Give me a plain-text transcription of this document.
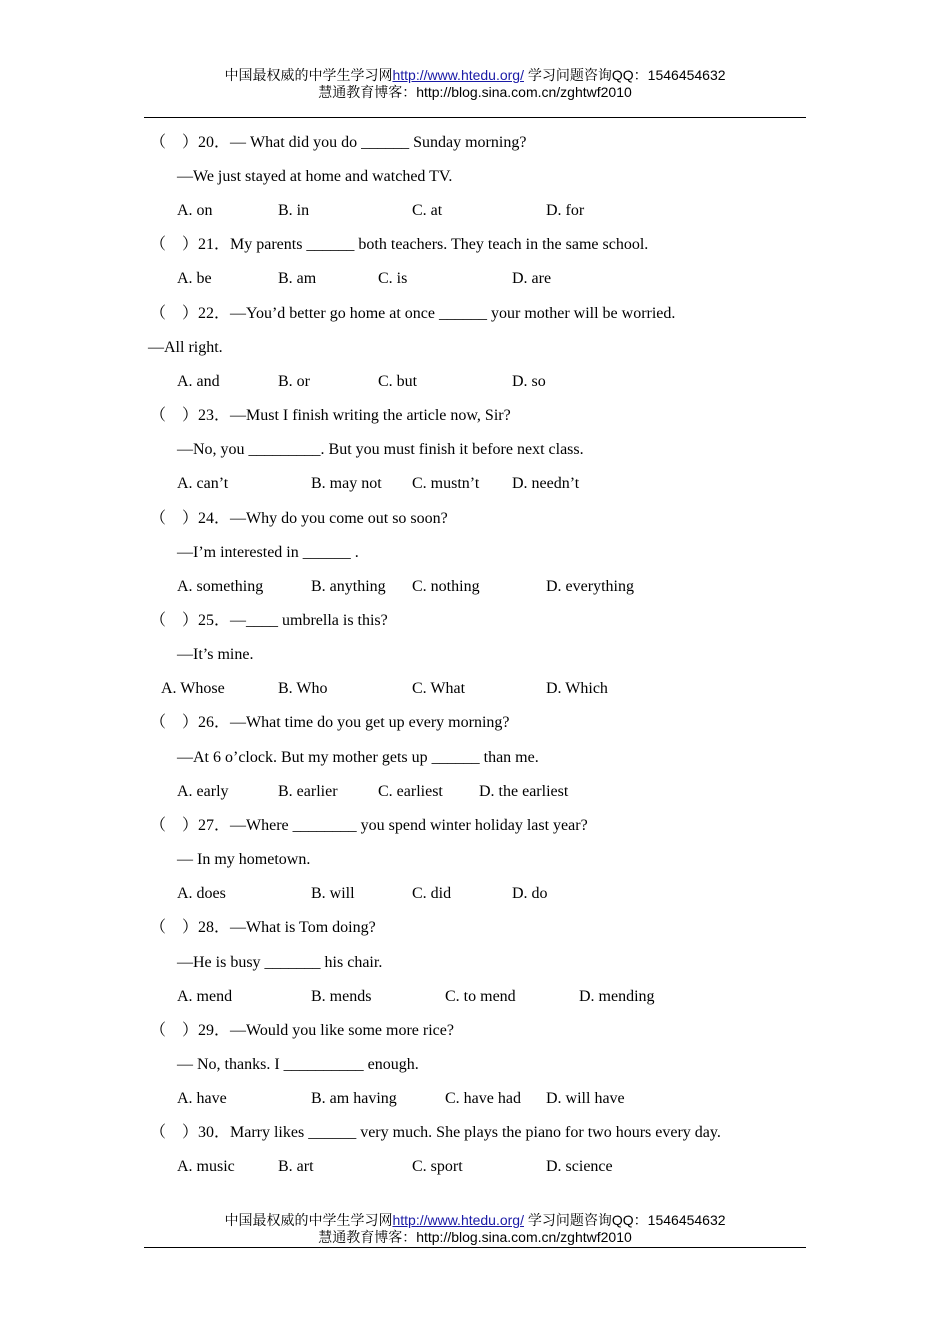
中国最权威的中学生学习网http://www.htedu.org/ 学习问题咨询QQ：1546454632
慧通教育博客：http://blog.sina.com.cn/zghtwf2010
（　）20．— What did you do ______ Sunday morning?
—We just stayed at home and watched TV.
A. on	B. in	C. at	D. for
（　）21．My parents ______ both teachers. They teach in the same school.
A. be	B. am	C. is	D. are
（　）22．—You’d better go home at once ______ your mother will be worried.
—All right.
A. and	B. or	C. but	D. so
（　）23．—Must I finish writing the article now, Sir?
—No, you _________. But you must finish it before next class.
A. can’t	B. may not C. mustn’t D. needn’t
（　）24．—Why do you come out so soon?
—I’m interested in ______ .
A. something	B. anything C. nothing	D. everything
（　）25．—____ umbrella is this?
—It’s mine.
A. Whose	B. Who	C. What	D. Which
（　）26．—What time do you get up every morning?
—At 6 o’clock. But my mother gets up ______ than me.
A. early	B. earlier	C. earliest D. the earliest
（　）27．—Where ________ you spend winter holiday last year?
— In my hometown.
A. does	B. will	C. did	D. do
（　）28．—What is Tom doing?
—He is busy _______ his chair.
A. mend	B. mends	C. to mend	D. mending
（　）29．—Would you like some more rice?
— No, thanks. I __________ enough.
A. have	B. am having	C. have had D. will have
（　）30．Marry likes ______ very much. She plays the piano for two hours every day.
A. music	B. art	C. sport	D. science
中国最权威的中学生学习网http://www.htedu.org/ 学习问题咨询QQ：1546454632
慧通教育博客：http://blog.sina.com.cn/zghtwf2010
